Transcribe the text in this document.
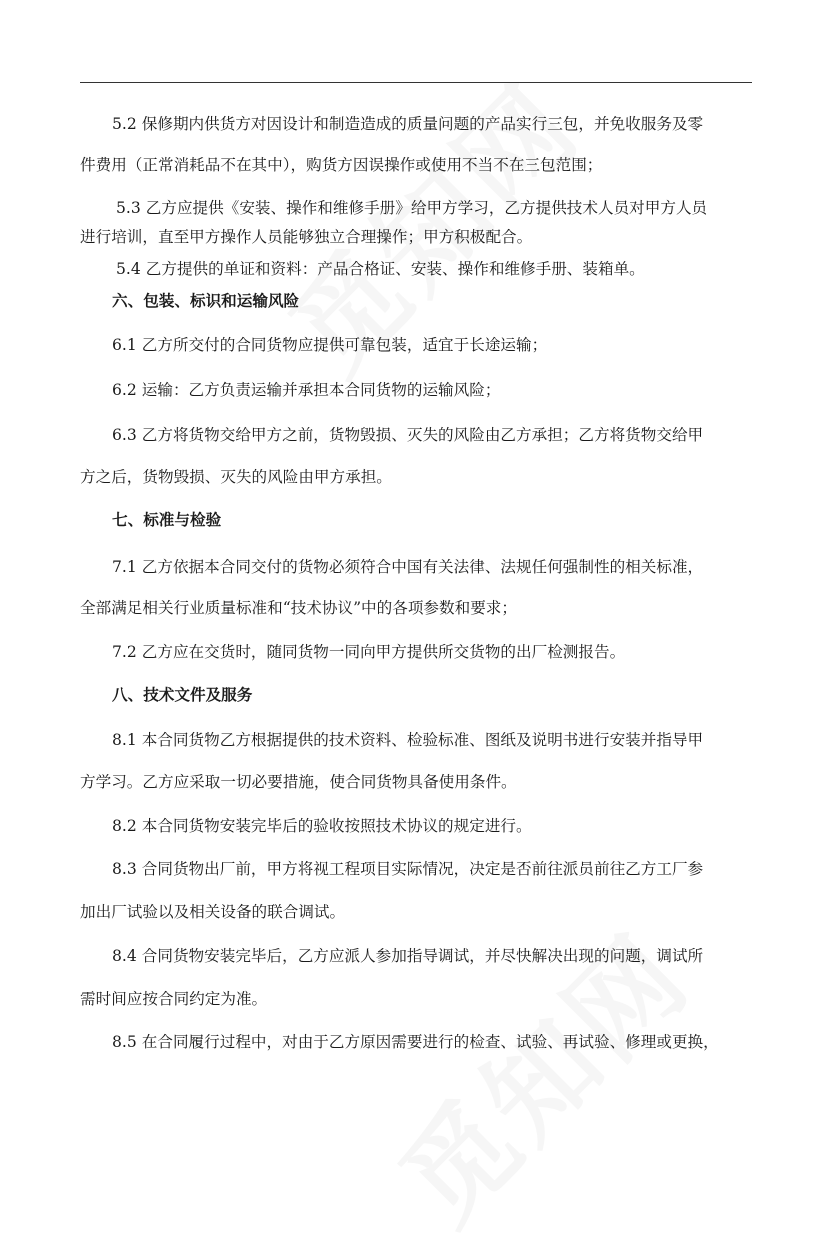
5.2 保修期内供货方对因设计和制造造成的质量问题的产品实行三包，并免收服务及零
件费用（正常消耗品不在其中），购货方因误操作或使用不当不在三包范围；
5.3 乙方应提供《安装、操作和维修手册》给甲方学习，乙方提供技术人员对甲方人员
进行培训，直至甲方操作人员能够独立合理操作；甲方积极配合。
5.4 乙方提供的单证和资料：产品合格证、安装、操作和维修手册、装箱单。
六、包装、标识和运输风险
6.1 乙方所交付的合同货物应提供可靠包装，适宜于长途运输；
6.2 运输：乙方负责运输并承担本合同货物的运输风险；
6.3 乙方将货物交给甲方之前，货物毁损、灭失的风险由乙方承担；乙方将货物交给甲
方之后，货物毁损、灭失的风险由甲方承担。
七、标准与检验
7.1 乙方依据本合同交付的货物必须符合中国有关法律、法规任何强制性的相关标准，
全部满足相关行业质量标准和“技术协议”中的各项参数和要求；
7.2 乙方应在交货时，随同货物一同向甲方提供所交货物的出厂检测报告。
八、技术文件及服务
8.1 本合同货物乙方根据提供的技术资料、检验标准、图纸及说明书进行安装并指导甲
方学习。乙方应采取一切必要措施，使合同货物具备使用条件。
8.2 本合同货物安装完毕后的验收按照技术协议的规定进行。
8.3 合同货物出厂前，甲方将视工程项目实际情况，决定是否前往派员前往乙方工厂参
加出厂试验以及相关设备的联合调试。
8.4 合同货物安装完毕后，乙方应派人参加指导调试，并尽快解决出现的问题，调试所
需时间应按合同约定为准。
8.5 在合同履行过程中，对由于乙方原因需要进行的检查、试验、再试验、修理或更换，
